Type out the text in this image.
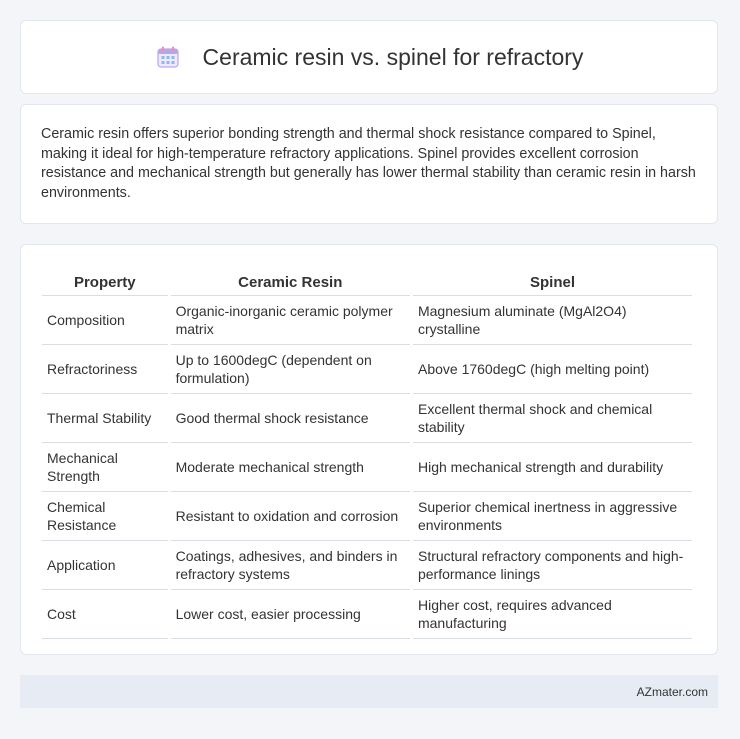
Ceramic resin vs. spinel for refractory

Ceramic resin offers superior bonding strength and thermal shock resistance compared to Spinel, making it ideal for high-temperature refractory applications. Spinel provides excellent corrosion resistance and mechanical strength but generally has lower thermal stability than ceramic resin in harsh environments.

Property	Ceramic Resin	Spinel
Composition	Organic-inorganic ceramic polymer matrix	Magnesium aluminate (MgAl2O4) crystalline
Refractoriness	Up to 1600degC (dependent on formulation)	Above 1760degC (high melting point)
Thermal Stability	Good thermal shock resistance	Excellent thermal shock and chemical stability
Mechanical Strength	Moderate mechanical strength	High mechanical strength and durability
Chemical Resistance	Resistant to oxidation and corrosion	Superior chemical inertness in aggressive environments
Application	Coatings, adhesives, and binders in refractory systems	Structural refractory components and high-performance linings
Cost	Lower cost, easier processing	Higher cost, requires advanced manufacturing
AZmater.com
